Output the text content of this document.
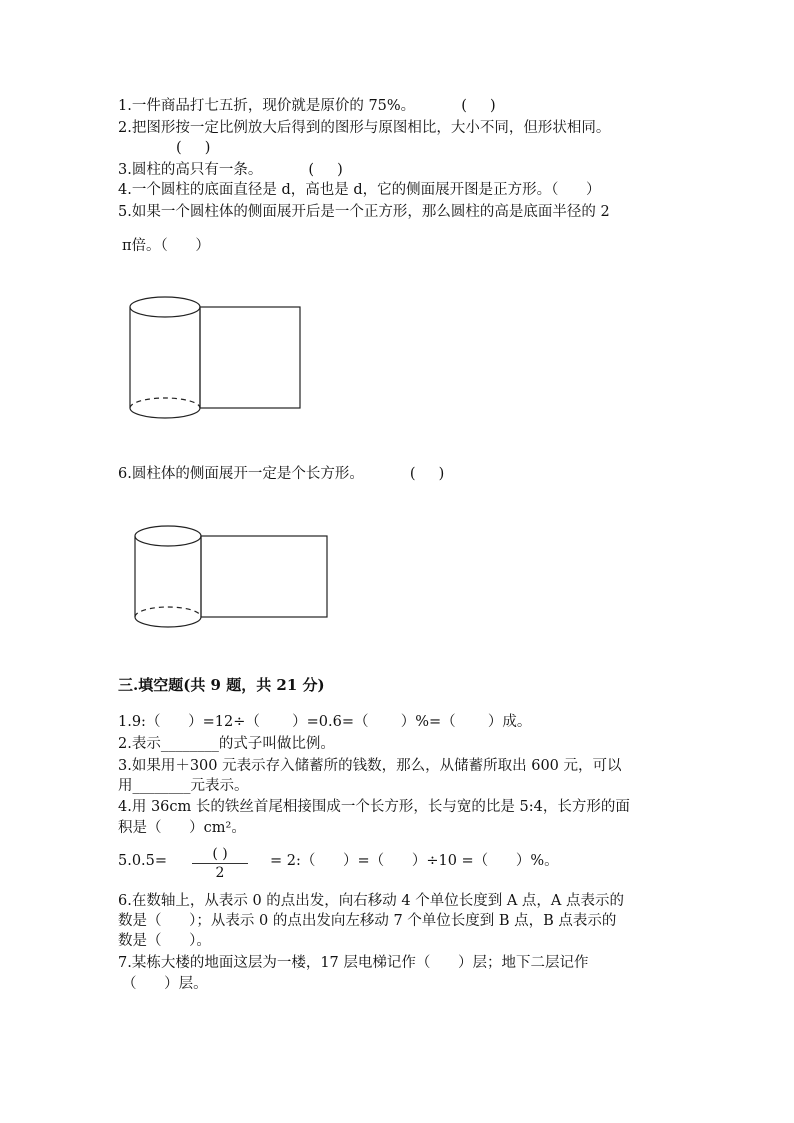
1.一件商品打七五折，现价就是原价的 75%。          (     )
2.把图形按一定比例放大后得到的图形与原图相比，大小不同，但形状相同。
(     )
3.圆柱的高只有一条。          (     )
4.一个圆柱的底面直径是 d，高也是 d，它的侧面展开图是正方形。（      ）
5.如果一个圆柱体的侧面展开后是一个正方形，那么圆柱的高是底面半径的 2
π倍。（      ）
6.圆柱体的侧面展开一定是个长方形。          (     )
三.填空题(共 9 题，共 21 分)
1.9:（      ）=12÷（       ）=0.6=（       ）%=（       ）成。
2.表示________的式子叫做比例。
3.如果用＋300 元表示存入储蓄所的钱数，那么，从储蓄所取出 600 元，可以
用________元表示。
4.用 36cm 长的铁丝首尾相接围成一个长方形，长与宽的比是 5:4，长方形的面
积是（      ）cm²。
5.0.5=	( )
2
= 2:（      ）=（      ）÷10 =（      ）%。
6.在数轴上，从表示 0 的点出发，向右移动 4 个单位长度到 A 点，A 点表示的
数是（      ）；从表示 0 的点出发向左移动 7 个单位长度到 B 点，B 点表示的
数是（      ）。
7.某栋大楼的地面这层为一楼，17 层电梯记作（      ）层；地下二层记作
（      ）层。
